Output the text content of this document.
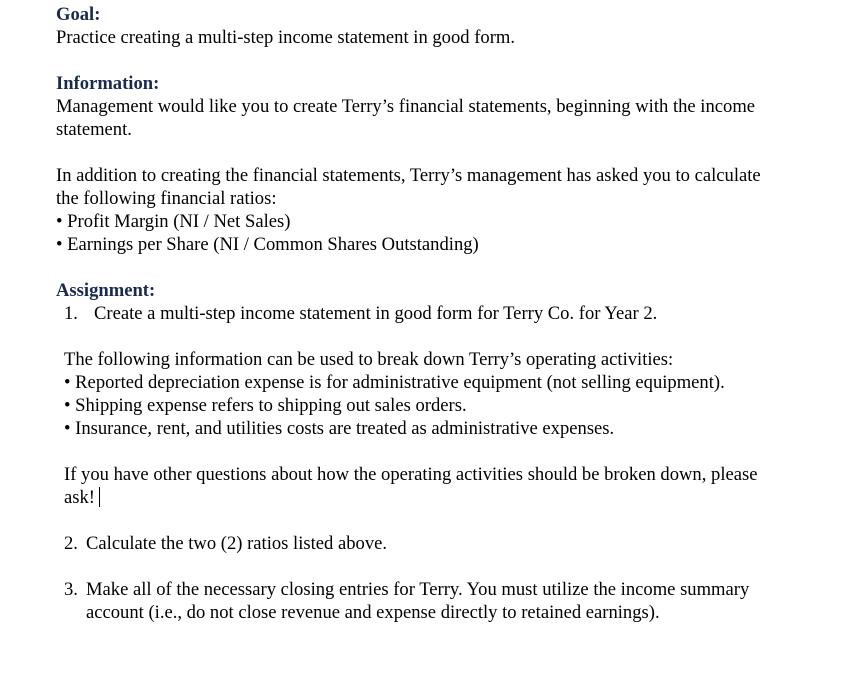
Goal:
Practice creating a multi-step income statement in good form.
Information:
Management would like you to create Terry’s financial statements, beginning with the income
statement.
In addition to creating the financial statements, Terry’s management has asked you to calculate
the following financial ratios:
• Profit Margin (NI / Net Sales)
• Earnings per Share (NI / Common Shares Outstanding)
Assignment:
1. Create a multi-step income statement in good form for Terry Co. for Year 2.
The following information can be used to break down Terry’s operating activities:
• Reported depreciation expense is for administrative equipment (not selling equipment).
• Shipping expense refers to shipping out sales orders.
• Insurance, rent, and utilities costs are treated as administrative expenses.
If you have other questions about how the operating activities should be broken down, please
ask!
2. Calculate the two (2) ratios listed above.
3. Make all of the necessary closing entries for Terry. You must utilize the income summary
account (i.e., do not close revenue and expense directly to retained earnings).
